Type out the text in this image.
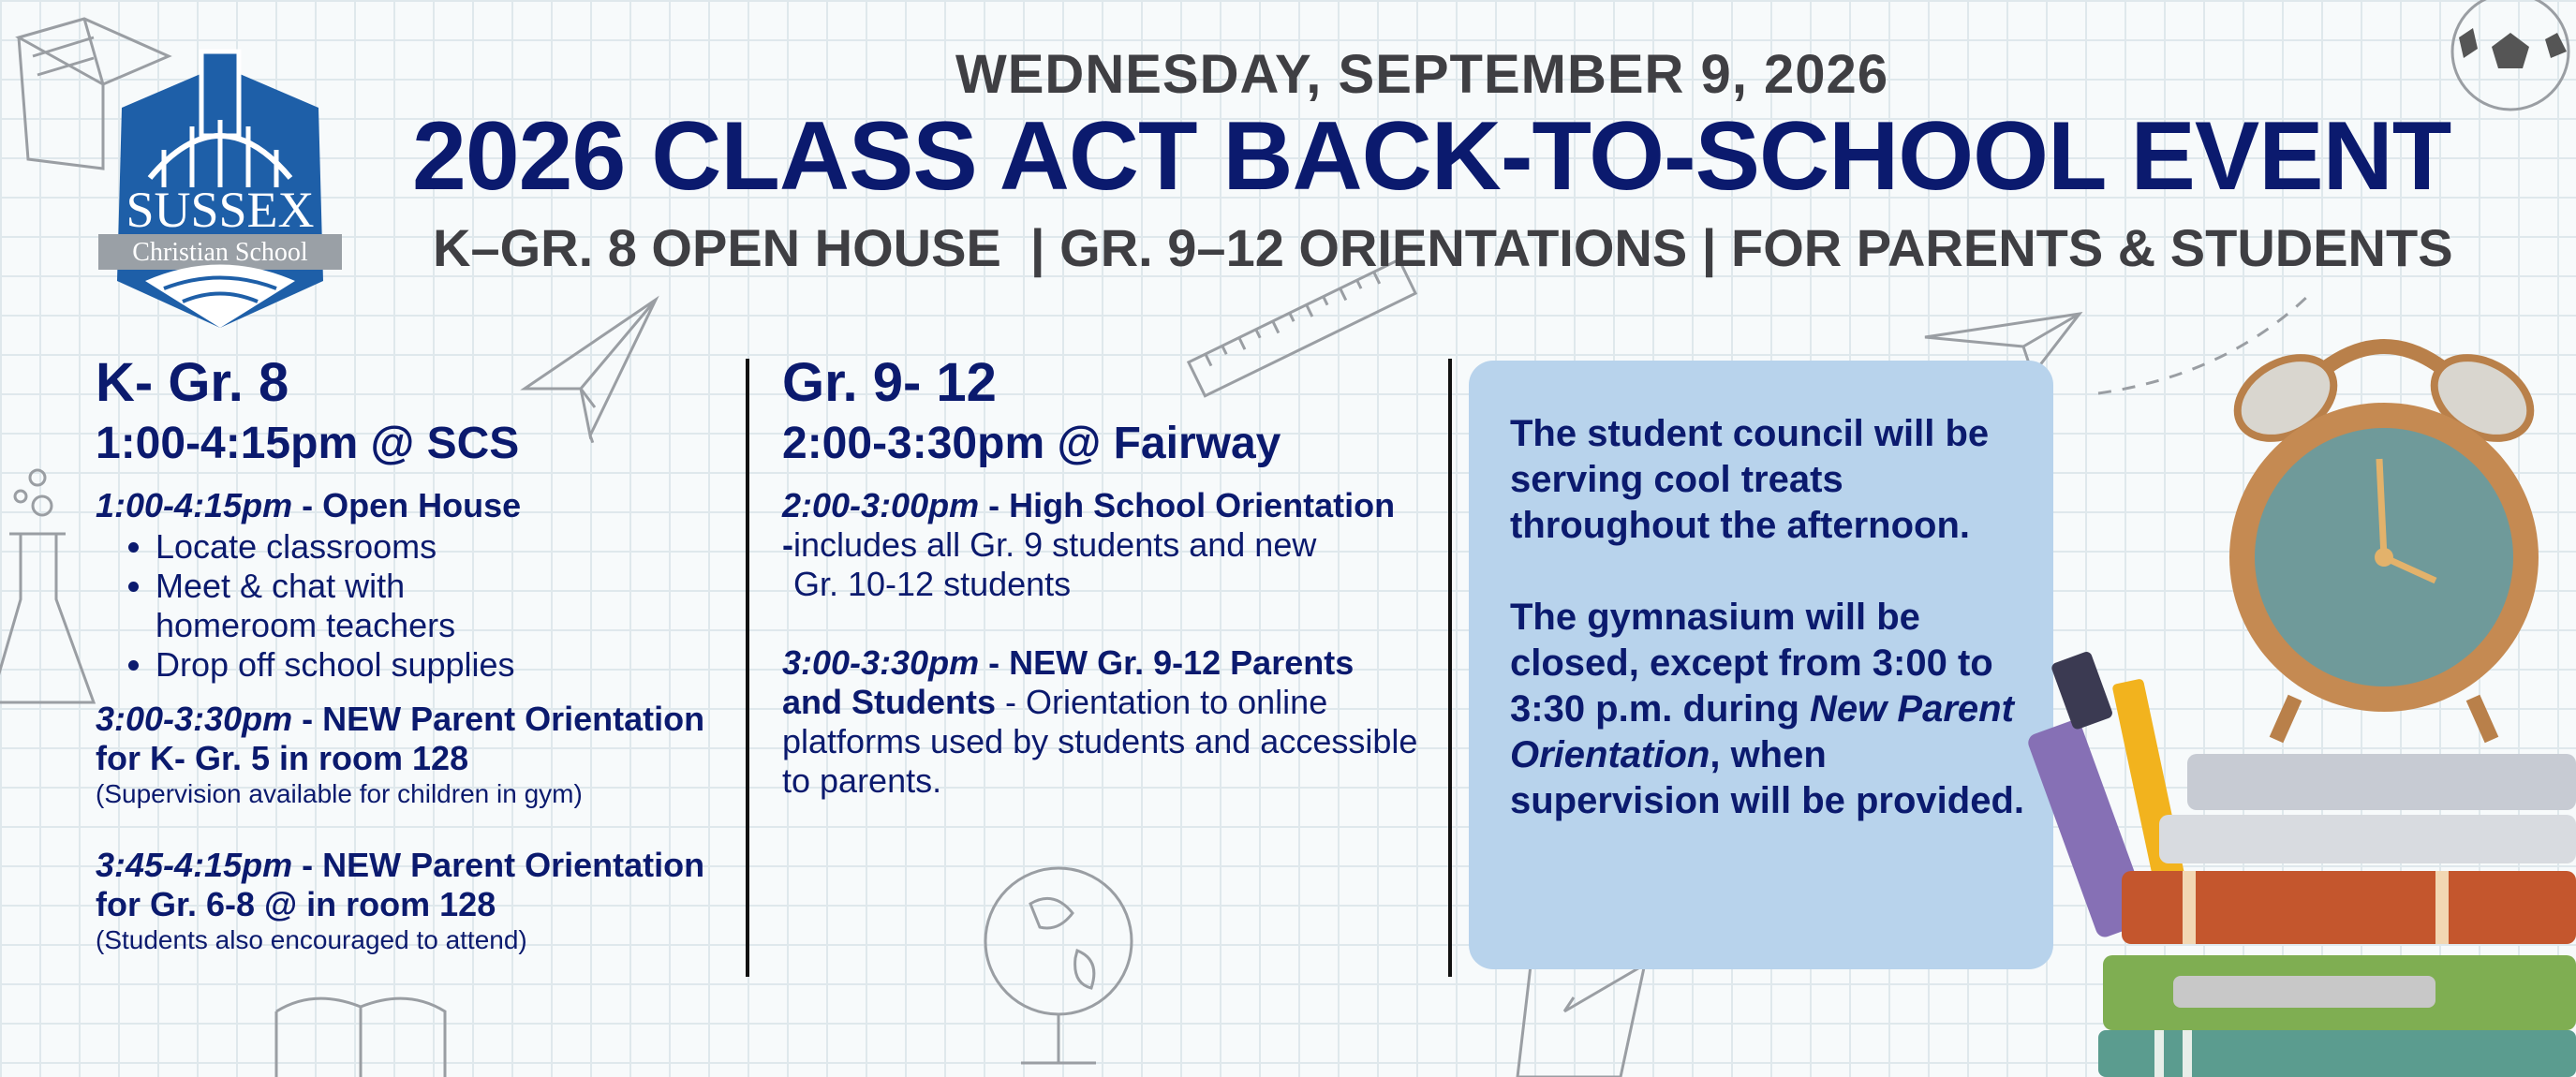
SUSSEX
Christian School
WEDNESDAY, SEPTEMBER 9, 2026
2026 CLASS ACT BACK-TO-SCHOOL EVENT
K–GR. 8 OPEN HOUSE  | GR. 9–12 ORIENTATIONS | FOR PARENTS & STUDENTS
K- Gr. 8
1:00-4:15pm @ SCS
1:00-4:15pm - Open House
• Locate classrooms
• Meet & chat with homeroom teachers
• Drop off school supplies
3:00-3:30pm - NEW Parent Orientation for K- Gr. 5 in room 128
(Supervision available for children in gym)
3:45-4:15pm - NEW Parent Orientation for Gr. 6-8 @ in room 128
(Students also encouraged to attend)
Gr. 9- 12
2:00-3:30pm @ Fairway
2:00-3:00pm - High School Orientation
-includes all Gr. 9 students and new Gr. 10-12 students
3:00-3:30pm - NEW Gr. 9-12 Parents and Students - Orientation to online platforms used by students and accessible to parents.

The student council will be serving cool treats throughout the afternoon.

The gymnasium will be closed, except from 3:00 to 3:30 p.m. during New Parent Orientation, when supervision will be provided.
